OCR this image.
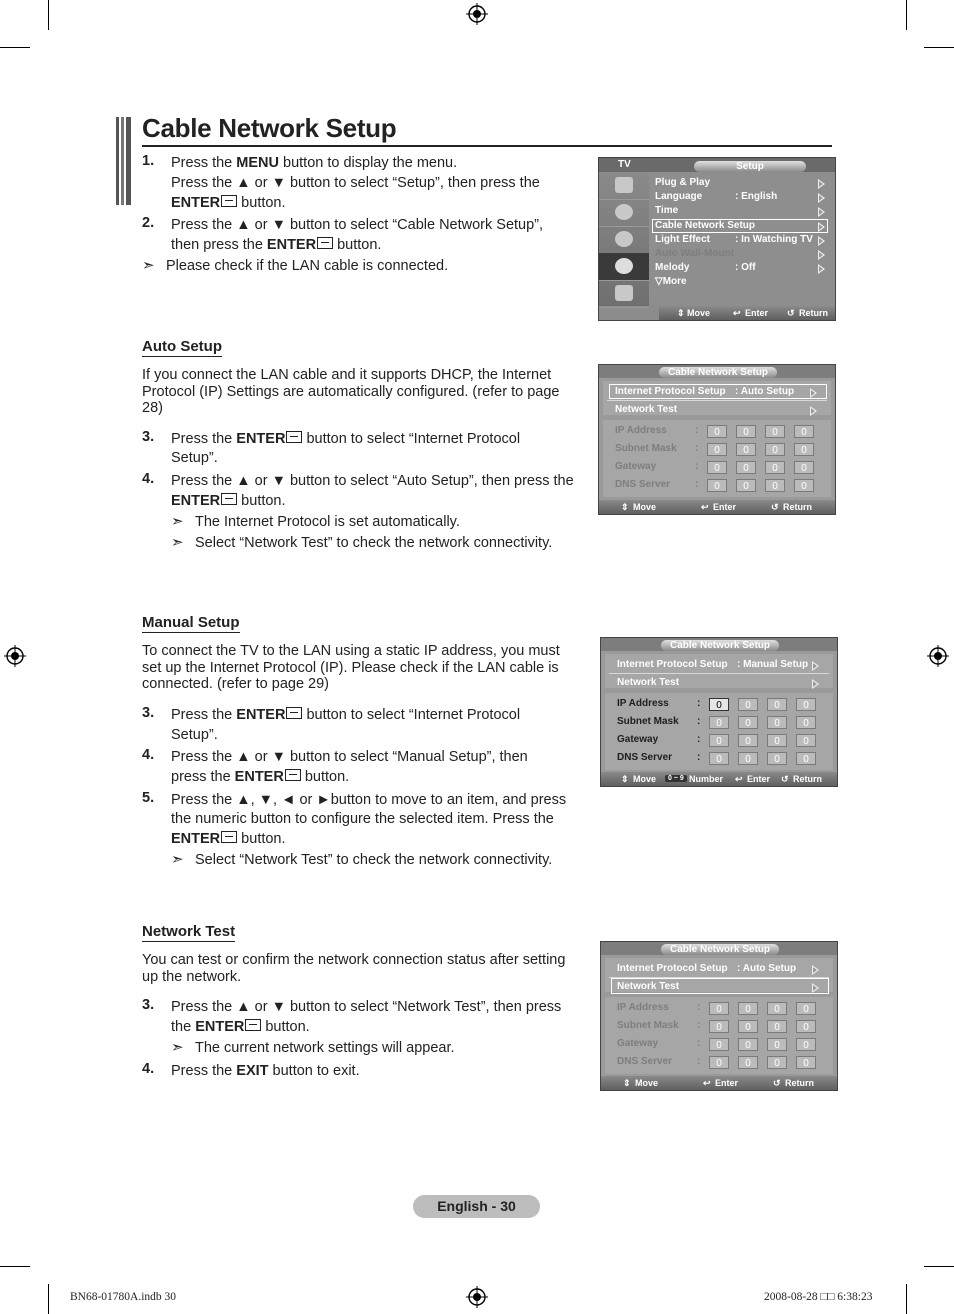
Cable Network Setup
1. Press the MENU button to display the menu.
Press the ▲ or ▼ button to select “Setup”, then press the
ENTER button.
2. Press the ▲ or ▼ button to select “Cable Network Setup”,
then press the ENTER button.
➣ Please check if the LAN cable is connected.
TV	Setup
⇕ Move	↩ Enter ↺ Return
Plug & Play
Language	: English
Time
Cable Network Setup
Light Effect	: In Watching TV
Auto Wall-Mount
Melody	: Off
▽More
Auto Setup
If you connect the LAN cable and it supports DHCP, the Internet Protocol (IP) Settings are automatically configured. (refer to page 28)
3. Press the ENTER button to select “Internet Protocol
Setup”.
4. Press the ▲ or ▼ button to select “Auto Setup”, then press the
ENTER button.
➣ The Internet Protocol is set automatically.
➣ Select “Network Test” to check the network connectivity.
Cable Network Setup
Internet Protocol Setup : Auto Setup
Network Test
IP Address	:	0	0	0	0
Subnet Mask :	0	0	0	0
Gateway	:	0	0	0	0
DNS Server :	0	0	0	0
⇕ Move	↩ Enter	↺ Return
Cable Network Setup
Internet Protocol Setup : Manual Setup
Network Test
IP Address	:	0	0	0	0
Subnet Mask :	0	0	0	0
Gateway	:	0	0	0	0
DNS Server :	0	0	0	0
⇕ Move	0 ~ 9 Number ↩ Enter ↺ Return
Cable Network Setup
Internet Protocol Setup : Auto Setup
Network Test
IP Address	:	0	0	0	0
Subnet Mask :	0	0	0	0
Gateway	:	0	0	0	0
DNS Server :	0	0	0	0
⇕ Move	↩ Enter	↺ Return
Manual Setup
To connect the TV to the LAN using a static IP address, you must set up the Internet Protocol (IP). Please check if the LAN cable is connected. (refer to page 29)
3. Press the ENTER button to select “Internet Protocol
Setup”.
4. Press the ▲ or ▼ button to select “Manual Setup”, then
press the ENTER button.
5. Press the ▲, ▼, ◄ or ►button to move to an item, and press
the numeric button to configure the selected item. Press the
ENTER button.
➣ Select “Network Test” to check the network connectivity.
Network Test
You can test or confirm the network connection status after setting up the network.
3. Press the ▲ or ▼ button to select “Network Test”, then press
the ENTER button.
➣ The current network settings will appear.
4. Press the EXIT button to exit.
English - 30
BN68-01780A.indb 30	2008-08-28 □□ 6:38:23
